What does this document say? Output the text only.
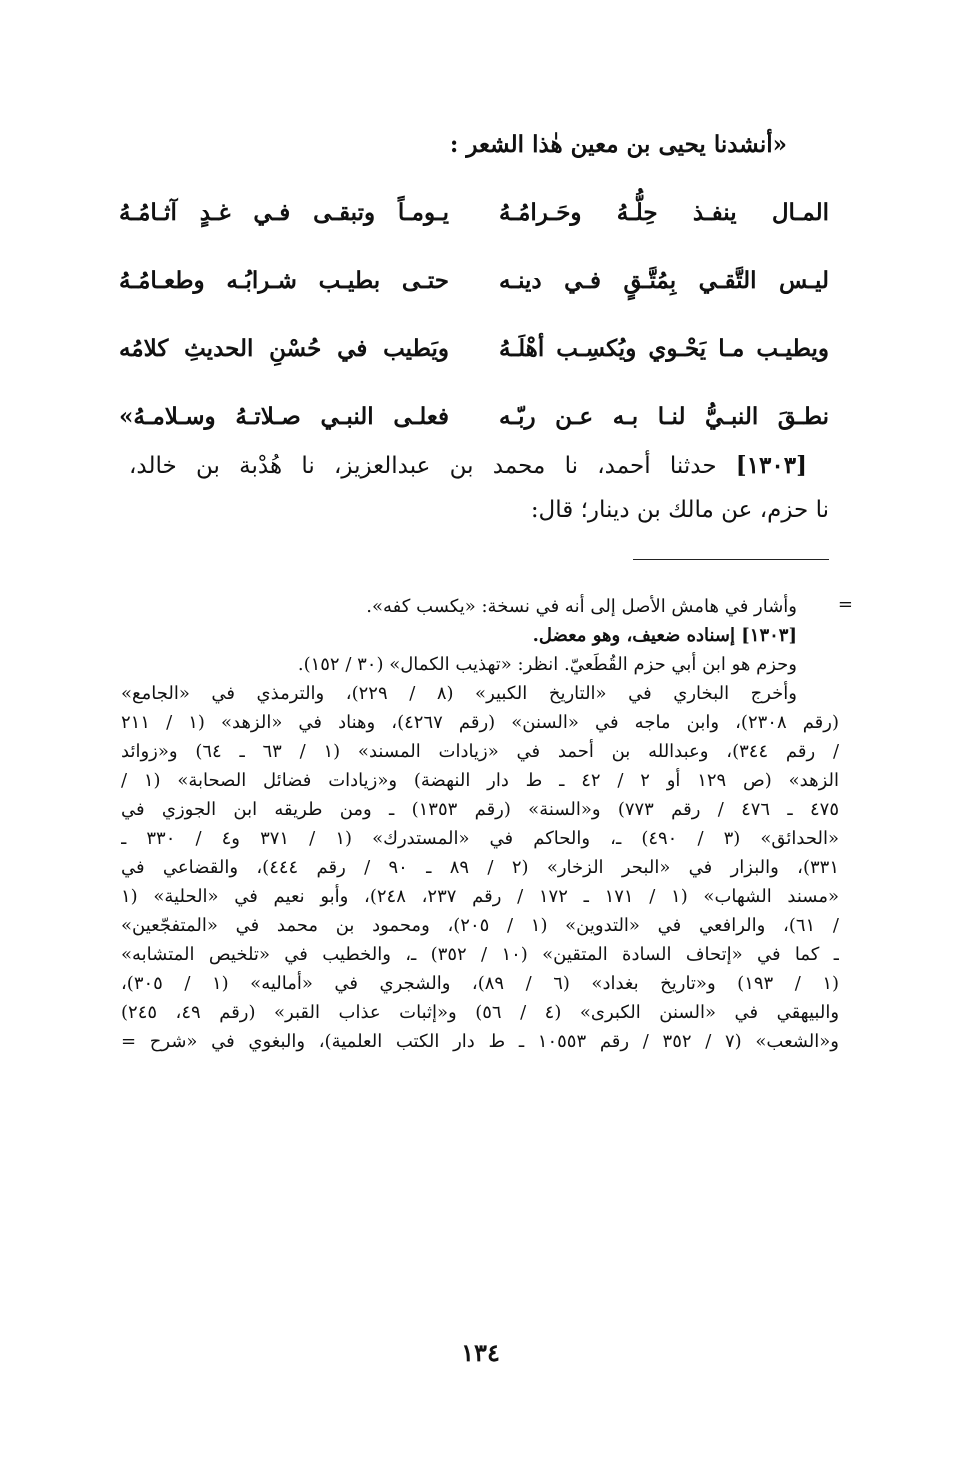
«أنشدنا يحيى بن معين هٰذا الشعر :
المـال ينفـذ حِلُّـهُ وحَـرامُـهُ
يـومـاً وتبقـى فـي غـدٍ آثـامُـهُ
ليـس التَّقـي بِمُتَّـقٍ فـي دينـه
حتـى بطيـب شـرابُـه وطعـامُـهُ
ويطيـب مـا يَحْـوي ويُكسِـب أهْلَـهُ
ويَطيب في حُسْنِ الحديثِ كلامُه
نطـقَ النبـيُّ لنـا بـه عـن ربّـه
فعلـى النبـي صـلاتـهُ وسـلامـهُ»

[١٣٠٣] حدثنا أحمد، نا محمد بن عبدالعزيز، نا هُدْبة بن خالد،

نا حزم، عن مالك بن دينار؛ قال:

=

وأشار في هامش الأصل إلى أنه في نسخة: «يكسب كفه».

[١٣٠٣] إسناده ضعيف، وهو معضل.

وحزم هو ابن أبي حزم القُطَعيّ. انظر: «تهذيب الكمال» (٣٠ / ١٥٢).

وأخرج البخاري في «التاريخ الكبير» (٨ / ٢٢٩)، والترمذي في «الجامع»

(رقم ٢٣٠٨)، وابن ماجه في «السنن» (رقم ٤٢٦٧)، وهناد في «الزهد» (١ / ٢١١

/ رقم ٣٤٤)، وعبدالله بن أحمد في «زيادات المسند» (١ / ٦٣ ـ ٦٤) و«زوائد

الزهد» (ص ١٢٩ أو ٢ / ٤٢ ـ ط دار النهضة) و«زيادات فضائل الصحابة» (١ /

٤٧٥ ـ ٤٧٦ / رقم ٧٧٣) و«السنة» (رقم ١٣٥٣) ـ ومن طريقه ابن الجوزي في

«الحدائق» (٣ / ٤٩٠) ـ، والحاكم في «المستدرك» (١ / ٣٧١ و٤ / ٣٣٠ ـ

٣٣١)، والبزار في «البحر الزخار» (٢ / ٨٩ ـ ٩٠ / رقم ٤٤٤)، والقضاعي في

«مسند الشهاب» (١ / ١٧١ ـ ١٧٢ / رقم ٢٣٧، ٢٤٨)، وأبو نعيم في «الحلية» (١

/ ٦١)، والرافعي في «التدوين» (١ / ٢٠٥)، ومحمود بن محمد في «المتفجّعين»

ـ كما في «إتحاف السادة المتقين» (١٠ / ٣٥٢) ـ، والخطيب في «تلخيص المتشابه»

(١ / ١٩٣) و«تاريخ بغداد» (٦ / ٨٩)، والشجري في «أماليه» (١ / ٣٠٥)،

والبيهقي في «السنن الكبرى» (٤ / ٥٦) و«إثبات عذاب القبر» (رقم ٤٩، ٢٤٥)

و«الشعب» (٧ / ٣٥٢ / رقم ١٠٥٥٣ ـ ط دار الكتب العلمية)، والبغوي في «شرح =

١٣٤
